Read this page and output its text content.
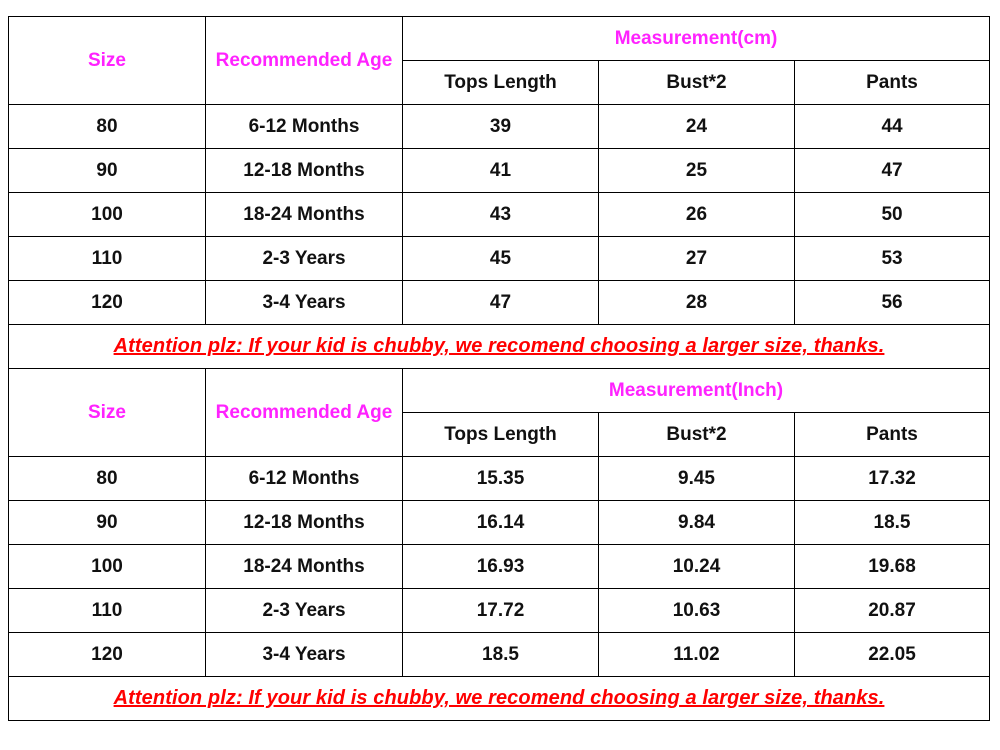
Size	Recommended Age	Measurement(cm)		
		Tops Length	Bust*2	Pants
80	6-12 Months	39	24	44
90	12-18 Months	41	25	47
100	18-24 Months	43	26	50
110	2-3 Years	45	27	53
120	3-4 Years	47	28	56
Attention plz: If your kid is chubby, we recomend choosing a larger size, thanks.				
Size	Recommended Age	Measurement(Inch)		
		Tops Length	Bust*2	Pants
80	6-12 Months	15.35	9.45	17.32
90	12-18 Months	16.14	9.84	18.5
100	18-24 Months	16.93	10.24	19.68
110	2-3 Years	17.72	10.63	20.87
120	3-4 Years	18.5	11.02	22.05
Attention plz: If your kid is chubby, we recomend choosing a larger size, thanks.				
